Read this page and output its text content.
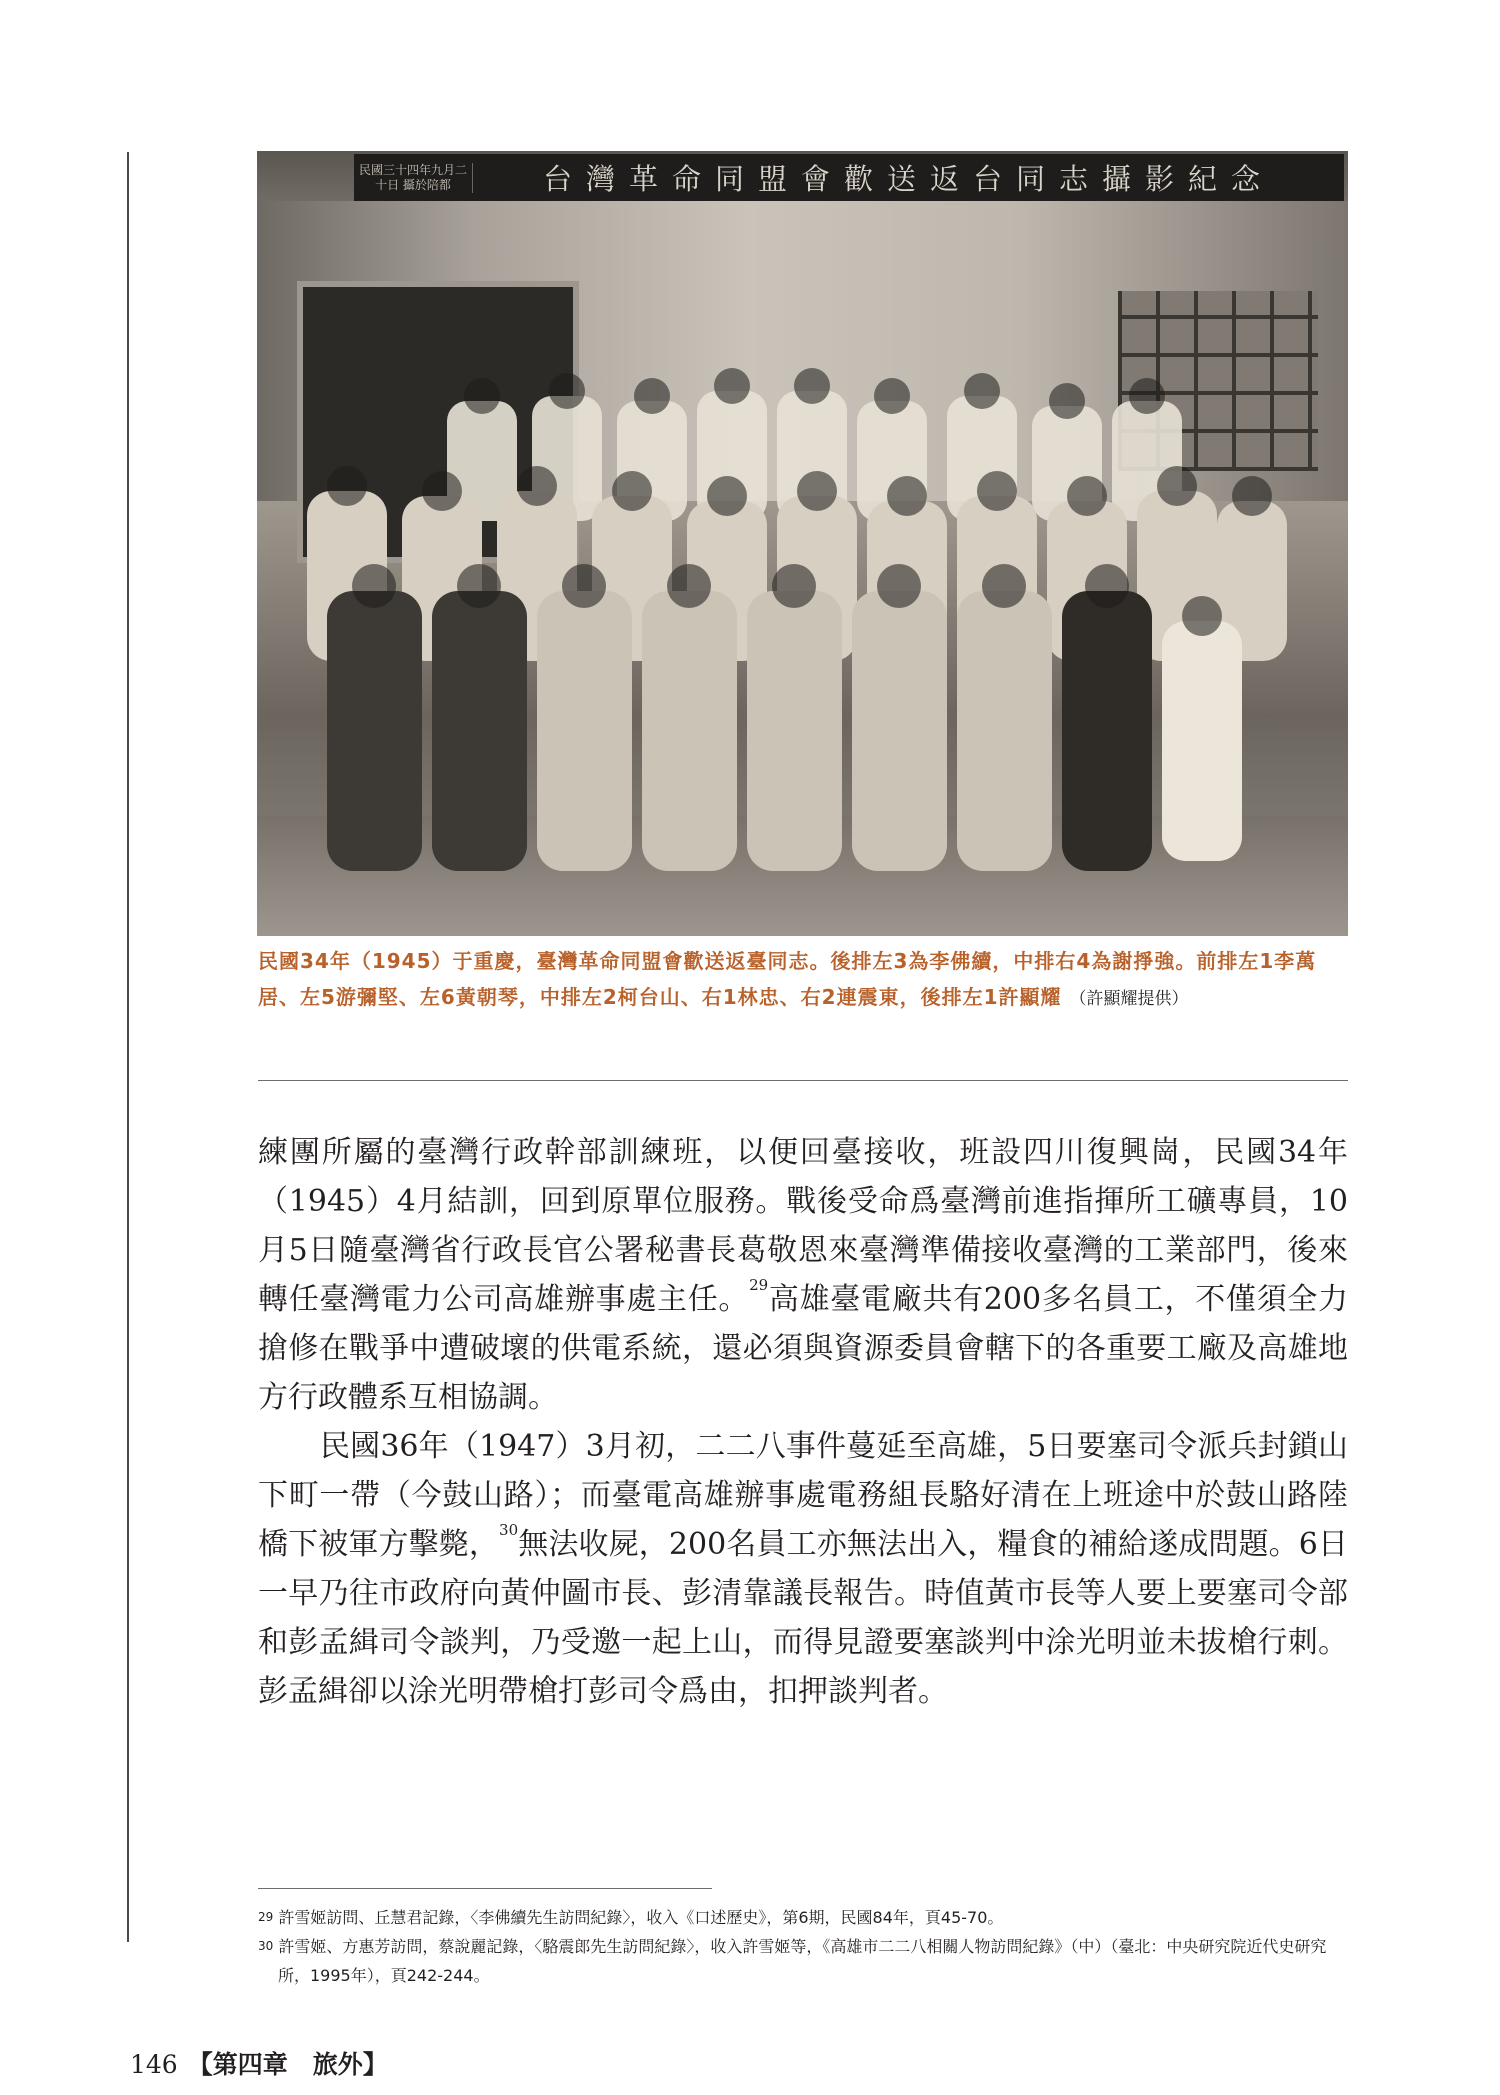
民國三十四年九月二十日 攝於陪都	台灣革命同盟會歡送返台同志攝影紀念
民國34年（1945）于重慶，臺灣革命同盟會歡送返臺同志。後排左3為李佛續，中排右4為謝掙強。前排左1李萬居、左5游彌堅、左6黃朝琴，中排左2柯台山、右1林忠、右2連震東，後排左1許顯耀 （許顯耀提供）

練團所屬的臺灣行政幹部訓練班，以便回臺接收，班設四川復興崗，民國34年（1945）4月結訓，回到原單位服務。戰後受命爲臺灣前進指揮所工礦專員，10月5日隨臺灣省行政長官公署秘書長葛敬恩來臺灣準備接收臺灣的工業部門，後來轉任臺灣電力公司高雄辦事處主任。$^{29}$高雄臺電廠共有200多名員工，不僅須全力搶修在戰爭中遭破壞的供電系統，還必須與資源委員會轄下的各重要工廠及高雄地方行政體系互相協調。

民國36年（1947）3月初，二二八事件蔓延至高雄，5日要塞司令派兵封鎖山下町一帶（今鼓山路）；而臺電高雄辦事處電務組長駱好清在上班途中於鼓山路陸橋下被軍方擊斃，$^{30}$無法收屍，200名員工亦無法出入，糧食的補給遂成問題。6日一早乃往市政府向黃仲圖市長、彭清靠議長報告。時值黃市長等人要上要塞司令部和彭孟緝司令談判，乃受邀一起上山，而得見證要塞談判中涂光明並未拔槍行刺。彭孟緝卻以涂光明帶槍打彭司令爲由，扣押談判者。

$^{29}$ 許雪姬訪問、丘慧君記錄，〈李佛續先生訪問紀錄〉，收入《口述歷史》，第6期，民國84年，頁45-70。
$^{30}$ 許雪姬、方惠芳訪問，蔡說麗記錄，〈駱震郎先生訪問紀錄〉，收入許雪姬等，《高雄市二二八相關人物訪問紀錄》（中）（臺北：中央研究院近代史研究所，1995年），頁242-244。
146 【第四章　旅外】
